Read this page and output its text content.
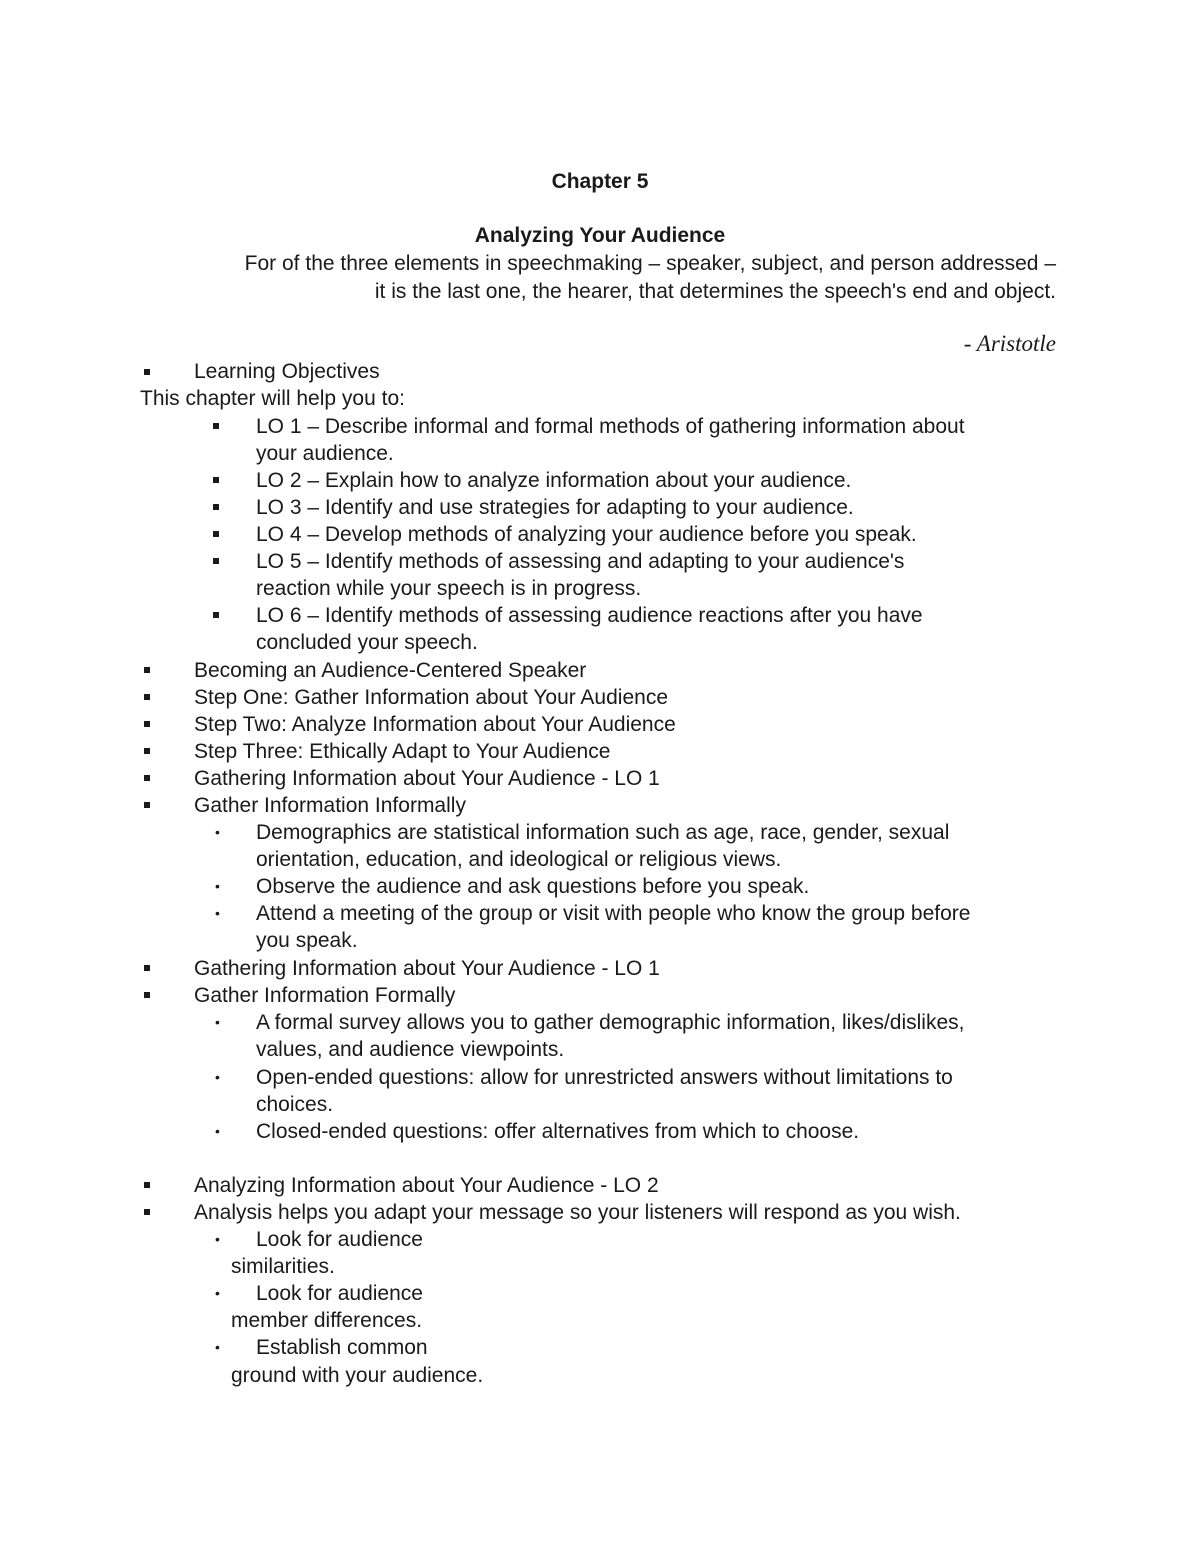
Chapter 5
Analyzing Your Audience
For of the three elements in speechmaking – speaker, subject, and person addressed –
it is the last one, the hearer, that determines the speech's end and object.
- Aristotle
Learning Objectives
This chapter will help you to:
LO 1 – Describe informal and formal methods of gathering information about
your audience.
LO 2 – Explain how to analyze information about your audience.
LO 3 – Identify and use strategies for adapting to your audience.
LO 4 – Develop methods of analyzing your audience before you speak.
LO 5 – Identify methods of assessing and adapting to your audience's
reaction while your speech is in progress.
LO 6 – Identify methods of assessing audience reactions after you have
concluded your speech.
Becoming an Audience-Centered Speaker
Step One: Gather Information about Your Audience
Step Two: Analyze Information about Your Audience
Step Three: Ethically Adapt to Your Audience
Gathering Information about Your Audience - LO 1
Gather Information Informally
• Demographics are statistical information such as age, race, gender, sexual
orientation, education, and ideological or religious views.
• Observe the audience and ask questions before you speak.
• Attend a meeting of the group or visit with people who know the group before
you speak.
Gathering Information about Your Audience - LO 1
Gather Information Formally
• A formal survey allows you to gather demographic information, likes/dislikes,
values, and audience viewpoints.
• Open-ended questions: allow for unrestricted answers without limitations to
choices.
• Closed-ended questions: offer alternatives from which to choose.
Analyzing Information about Your Audience - LO 2
Analysis helps you adapt your message so your listeners will respond as you wish.
• Look for audience
similarities.
• Look for audience
member differences.
• Establish common
ground with your audience.
